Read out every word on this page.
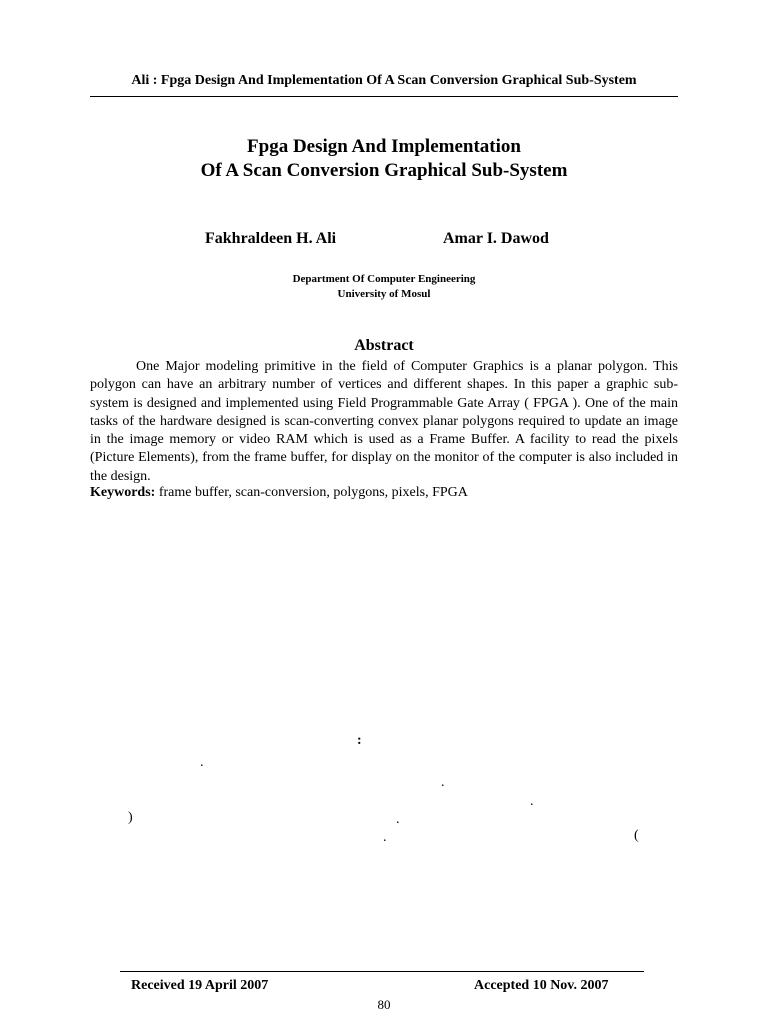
Ali : Fpga Design And Implementation Of A Scan Conversion Graphical Sub-System
Fpga Design And Implementation
Of A Scan Conversion Graphical Sub-System
Fakhraldeen H. Ali	Amar I. Dawod
Department Of Computer Engineering
University of Mosul
Abstract

One Major modeling primitive in the field of Computer Graphics is a planar polygon. This polygon can have an arbitrary number of vertices and different shapes. In this paper a graphic sub-system is designed and implemented using Field Programmable Gate Array ( FPGA ). One of the main tasks of the hardware designed is scan-converting convex planar polygons required to update an image in the image memory or video RAM which is used as a Frame Buffer. A facility to read the pixels (Picture Elements), from the frame buffer, for display on the monitor of the computer is also included in the design.

Keywords: frame buffer, scan-conversion, polygons, pixels, FPGA
:
.
.
.
)	.
.	(
Received 19 April 2007	Accepted 10 Nov. 2007
80
